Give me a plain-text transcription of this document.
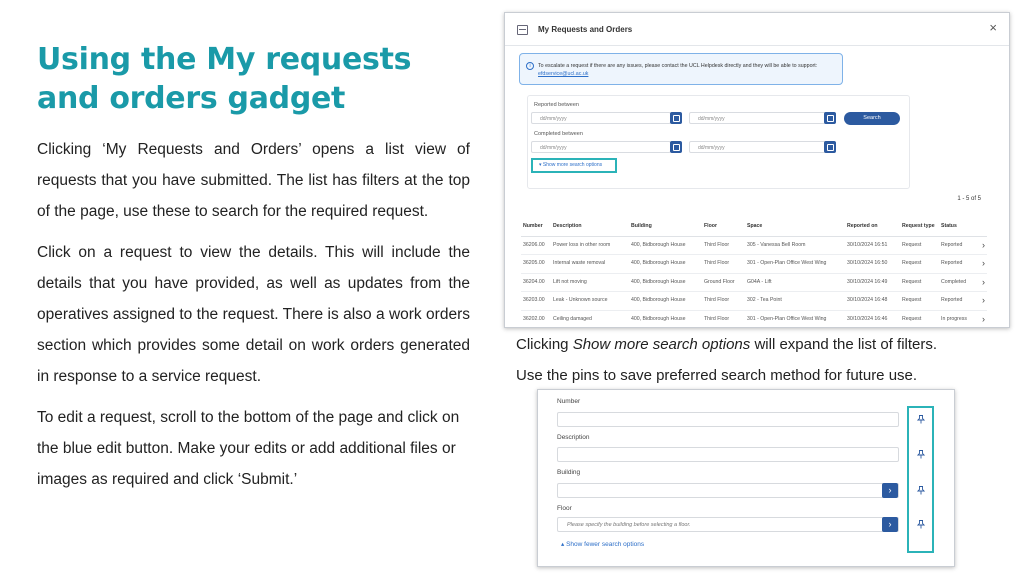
Using the My requests and orders gadget

Clicking ‘My Requests and Orders’ opens a list view of requests that you have submitted. The list has filters at the top of the page, use these to search for the required request.

Click on a request to view the details. This will include the details that you have provided, as well as updates from the operatives assigned to the request. There is also a work orders section which provides some detail on work orders generated in response to a service request.

To edit a request, scroll to the bottom of the page and click on the blue edit button. Make your edits or add additional files or images as required and click ‘Submit.’

My Requests and Orders	×
i	To escalate a request if there are any issues, please contact the UCL Helpdesk directly and they will be able to support: efdservice@ucl.ac.uk
Reported between
dd/mm/yyyy	dd/mm/yyyy	Search
Completed between
dd/mm/yyyy	dd/mm/yyyy
▾ Show more search options
1 - 5 of 5
Number Description	Building	Floor	Space	Reported on	Request type Status
36206.00 Power loss in other room	400, Bidborough House	Third Floor	305 - Vanessa Bell Room	30/10/2024 16:51	Request	Reported ›
36205.00 Internal waste removal	400, Bidborough House	Third Floor	301 - Open-Plan Office West Wing	30/10/2024 16:50	Request	Reported ›
36204.00 Lift not moving	400, Bidborough House	Ground Floor G04A - Lift	30/10/2024 16:49	Request	Completed ›
36203.00 Leak - Unknown source	400, Bidborough House	Third Floor	302 - Tea Point	30/10/2024 16:48	Request	Reported ›
36202.00 Ceiling damaged	400, Bidborough House	Third Floor	301 - Open-Plan Office West Wing	30/10/2024 16:46	Request	In progress ›
Clicking Show more search options will expand the list of filters.
Use the pins to save preferred search method for future use.
Number
Description
Building
›
Floor
Please specify the building before selecting a floor.	›
▴ Show fewer search options
